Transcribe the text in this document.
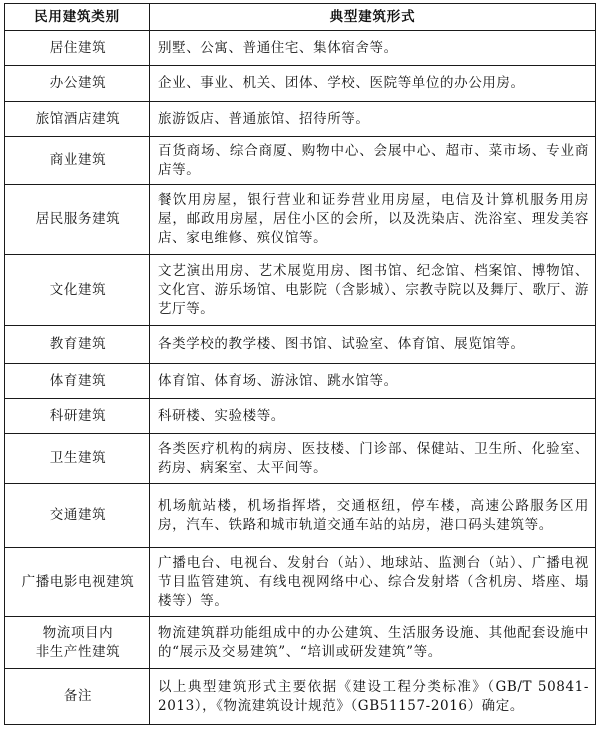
民用建筑类别	典型建筑形式
居住建筑	别墅、公寓、普通住宅、集体宿舍等。
办公建筑	企业、事业、机关、团体、学校、医院等单位的办公用房。
旅馆酒店建筑	旅游饭店、普通旅馆、招待所等。
商业建筑	百货商场、综合商厦、购物中心、会展中心、超市、菜市场、专业商店等。
居民服务建筑	餐饮用房屋，银行营业和证券营业用房屋，电信及计算机服务用房屋，邮政用房屋，居住小区的会所，以及洗染店、洗浴室、理发美容店、家电维修、殡仪馆等。
文化建筑	文艺演出用房、艺术展览用房、图书馆、纪念馆、档案馆、博物馆、文化宫、游乐场馆、电影院（含影城）、宗教寺院以及舞厅、歌厅、游艺厅等。
教育建筑	各类学校的教学楼、图书馆、试验室、体育馆、展览馆等。
体育建筑	体育馆、体育场、游泳馆、跳水馆等。
科研建筑	科研楼、实验楼等。
卫生建筑	各类医疗机构的病房、医技楼、门诊部、保健站、卫生所、化验室、药房、病案室、太平间等。
交通建筑	机场航站楼，机场指挥塔，交通枢纽，停车楼，高速公路服务区用房，汽车、铁路和城市轨道交通车站的站房，港口码头建筑等。
广播电影电视建筑	广播电台、电视台、发射台（站）、地球站、监测台（站）、广播电视节目监管建筑、有线电视网络中心、综合发射塔（含机房、塔座、塌楼等）等。

物流项目内
非生产性建筑	物流建筑群功能组成中的办公建筑、生活服务设施、其他配套设施中的“展示及交易建筑”、“培训或研发建筑”等。
备注	以上典型建筑形式主要依据《建设工程分类标准》（GB/T 50841-2013），《物流建筑设计规范》（GB51157-2016）确定。
